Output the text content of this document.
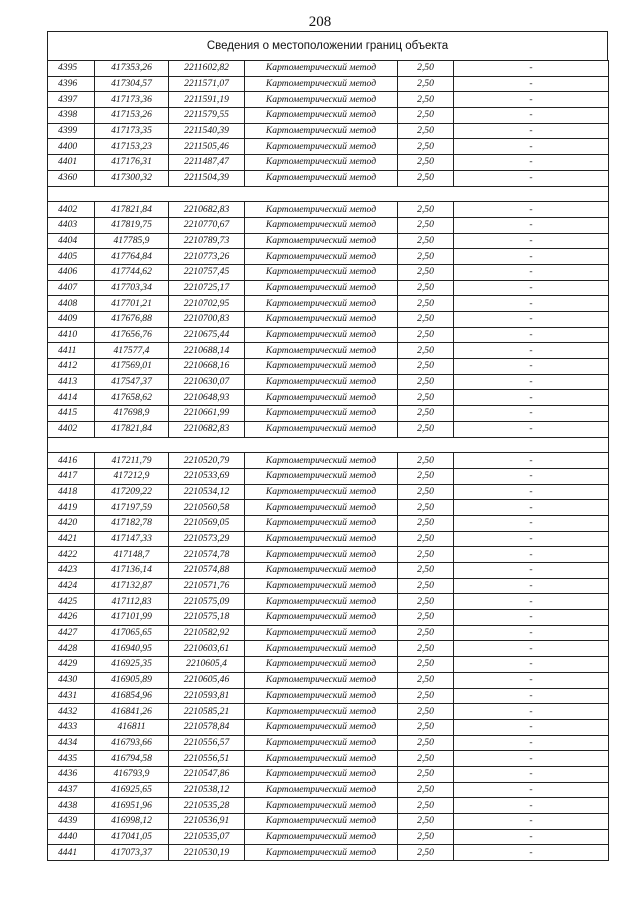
208
Сведения о местоположении границ объекта
4395	417353,26	2211602,82	Картометрический метод	2,50	-
4396	417304,57	2211571,07	Картометрический метод	2,50	-
4397	417173,36	2211591,19	Картометрический метод	2,50	-
4398	417153,26	2211579,55	Картометрический метод	2,50	-
4399	417173,35	2211540,39	Картометрический метод	2,50	-
4400	417153,23	2211505,46	Картометрический метод	2,50	-
4401	417176,31	2211487,47	Картометрический метод	2,50	-
4360	417300,32	2211504,39	Картометрический метод	2,50	-

4402	417821,84	2210682,83	Картометрический метод	2,50	-
4403	417819,75	2210770,67	Картометрический метод	2,50	-
4404	417785,9	2210789,73	Картометрический метод	2,50	-
4405	417764,84	2210773,26	Картометрический метод	2,50	-
4406	417744,62	2210757,45	Картометрический метод	2,50	-
4407	417703,34	2210725,17	Картометрический метод	2,50	-
4408	417701,21	2210702,95	Картометрический метод	2,50	-
4409	417676,88	2210700,83	Картометрический метод	2,50	-
4410	417656,76	2210675,44	Картометрический метод	2,50	-
4411	417577,4	2210688,14	Картометрический метод	2,50	-
4412	417569,01	2210668,16	Картометрический метод	2,50	-
4413	417547,37	2210630,07	Картометрический метод	2,50	-
4414	417658,62	2210648,93	Картометрический метод	2,50	-
4415	417698,9	2210661,99	Картометрический метод	2,50	-
4402	417821,84	2210682,83	Картометрический метод	2,50	-

4416	417211,79	2210520,79	Картометрический метод	2,50	-
4417	417212,9	2210533,69	Картометрический метод	2,50	-
4418	417209,22	2210534,12	Картометрический метод	2,50	-
4419	417197,59	2210560,58	Картометрический метод	2,50	-
4420	417182,78	2210569,05	Картометрический метод	2,50	-
4421	417147,33	2210573,29	Картометрический метод	2,50	-
4422	417148,7	2210574,78	Картометрический метод	2,50	-
4423	417136,14	2210574,88	Картометрический метод	2,50	-
4424	417132,87	2210571,76	Картометрический метод	2,50	-
4425	417112,83	2210575,09	Картометрический метод	2,50	-
4426	417101,99	2210575,18	Картометрический метод	2,50	-
4427	417065,65	2210582,92	Картометрический метод	2,50	-
4428	416940,95	2210603,61	Картометрический метод	2,50	-
4429	416925,35	2210605,4	Картометрический метод	2,50	-
4430	416905,89	2210605,46	Картометрический метод	2,50	-
4431	416854,96	2210593,81	Картометрический метод	2,50	-
4432	416841,26	2210585,21	Картометрический метод	2,50	-
4433	416811	2210578,84	Картометрический метод	2,50	-
4434	416793,66	2210556,57	Картометрический метод	2,50	-
4435	416794,58	2210556,51	Картометрический метод	2,50	-
4436	416793,9	2210547,86	Картометрический метод	2,50	-
4437	416925,65	2210538,12	Картометрический метод	2,50	-
4438	416951,96	2210535,28	Картометрический метод	2,50	-
4439	416998,12	2210536,91	Картометрический метод	2,50	-
4440	417041,05	2210535,07	Картометрический метод	2,50	-
4441	417073,37	2210530,19	Картометрический метод	2,50	-
